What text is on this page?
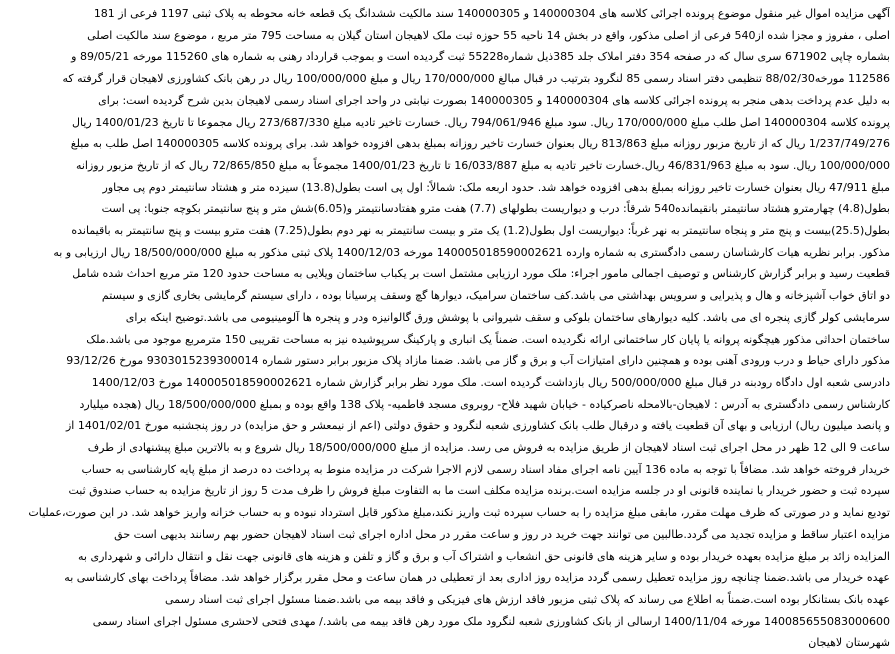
آگهی مزایده اموال غیر منقول موضوع پرونده اجرائی کلاسه های 140000304 و 140000305 سند مالکیت ششدانگ یک قطعه خانه محوطه به پلاک ثبتی 1197 فرعی از 181
اصلی ، مفروز و مجزا شده از540 فرعی از اصلی مذکور، واقع در بخش 14 ناحیه 55 حوزه ثبت ملک لاهیجان استان گیلان به مساحت 795 متر مربع ، موضوع سند مالکیت اصلی
بشماره چاپی 671902 سری سال که در صفحه 354 دفتر املاک جلد 385ذیل شماره55228 ثبت گردیده است و بموجب قرارداد رهنی به شماره های 115260 مورخه 89/05/21 و
112586 مورخه88/02/30 تنظیمی دفتر اسناد رسمی 85 لنگرود بترتیب در قبال مبالغ 170/000/000 ریال و مبلغ 100/000/000 ریال در رهن بانک کشاورزی لاهیجان قرار گرفته که
به دلیل عدم پرداخت بدهی منجر به پرونده اجرائی کلاسه های 140000304 و 140000305 بصورت نیابتی در واحد اجرای اسناد رسمی لاهیجان بدین شرح گردیده است: برای
پرونده کلاسه 140000304 اصل طلب مبلغ 170/000/000 ریال. سود مبلغ 794/061/946 ریال. خسارت تاخیر تادیه مبلغ 273/687/330 ریال مجموعا تا تاریخ 1400/01/23 ریال
1/237/749/276 ریال که از تاریخ مزبور روزانه مبلغ 813/863 ریال بعنوان خسارت تاخیر روزانه بمبلغ بدهی افزوده خواهد شد. برای پرونده کلاسه 140000305 اصل طلب به مبلغ
100/000/000 ریال. سود به مبلغ 46/831/963 ریال.خسارت تاخیر تادیه به مبلغ 16/033/887 تا تاریخ 1400/01/23 مجموعاً به مبلغ 72/865/850 ریال که از تاریخ مزبور روزانه
مبلغ 47/911 ریال بعنوان خسارت تاخیر روزانه بمبلغ بدهی افزوده خواهد شد. حدود اربعه ملک: شمالاً: اول پی است بطول(13.8) سیزده متر و هشتاد سانتیمتر دوم پی مجاور
بطول(4.8) چهارمترو هشتاد سانتیمتر بانقیمانده540 شرقاً: درب و دیواریست بطولهای (7.7) هفت مترو هفتادسانتیمتر و(6.05)شش متر و پنج سانتیمتر بکوچه جنوبا: پی است
بطول(25.5)بیست و پنج متر و پنجاه سانتیمتر به نهر غرباً: دیواریست اول بطول(1.2) یک متر و بیست سانتیمتر به نهر دوم بطول(7.25) هفت مترو بیست و پنج سانتیمتر به باقیمانده
مذکور. برابر نظریه هیات کارشناسان رسمی دادگستری به شماره وارده 140005018590002621 مورخه 1400/12/03 پلاک ثبتی مذکور به مبلغ 18/500/000/000 ریال ارزیابی و به
قطعیت رسید و برابر گزارش کارشناس و توصیف اجمالی مامور اجراء: ملک مورد ارزیابی مشتمل است بر یکباب ساختمان ویلایی به مساحت حدود 120 متر مربع احداث شده شامل
دو اتاق خواب آشپزخانه و هال و پذیرایی و سرویس بهداشتی می باشد.کف ساختمان سرامیک، دیوارها گچ وسقف پرسیانا بوده ، دارای سیستم گرمایشی بخاری گازی و سیستم
سرمایشی کولر گازی پنجره ای می باشد. کلیه دیوارهای ساختمان بلوکی و سقف شیروانی با پوشش ورق گالوانیزه ودر و پنجره ها آلومینیومی می باشد.توضیح اینکه برای
ساختمان احداثی مذکور هیچگونه پروانه یا پایان کار ساختمانی ارائه نگردیده است. ضمناً یک انباری و پارکینگ سرپوشیده نیز به مساحت تقریبی 150 مترمربع موجود می باشد.ملک
مذکور دارای حیاط و درب ورودی آهنی بوده و همچنین دارای امتیازات آب و برق و گاز می باشد. ضمنا مازاد پلاک مزبور برابر دستور شماره 9303015239300014 مورخ 93/12/26
دادرسی شعبه اول دادگاه رودبنه در قبال مبلغ 500/000/000 ریال بازداشت گردیده است. ملک مورد نظر برابر گزارش شماره 140005018590002621 مورخ 1400/12/03
کارشناس رسمی دادگستری به آدرس : لاهیجان-بالامحله ناصرکیاده - خیابان شهید فلاح- روبروی مسجد فاطمیه- پلاک 138 واقع بوده و بمبلغ 18/500/000/000 ریال (هجده میلیارد
و پانصد میلیون ریال) ارزیابی و بهای آن قطعیت یافته و درقبال طلب بانک کشاورزی شعبه لنگرود و حقوق دولتی (اعم از نیمعشر و حق مزایده) در روز پنجشنبه مورخ 1401/02/01 از
ساعت 9 الی 12 ظهر در محل اجرای ثبت اسناد لاهیجان از طریق مزایده به فروش می رسد. مزایده از مبلغ 18/500/000/000 ریال شروع و به بالاترین مبلغ پیشنهادی از طرف
خریدار فروخته خواهد شد. مضافاً با توجه به ماده 136 آیین نامه اجرای مفاد اسناد رسمی لازم الاجرا شرکت در مزایده منوط به پرداخت ده درصد از مبلغ پایه کارشناسی به حساب
سپرده ثبت و حضور خریدار یا نماینده قانونی او در جلسه مزایده است.برنده مزایده مکلف است ما به التفاوت مبلغ فروش را ظرف مدت 5 روز از تاریخ مزایده به حساب صندوق ثبت
تودیع نماید و در صورتی که ظرف مهلت مقرر، مابقی مبلغ مزایده را به حساب سپرده ثبت واریز نکند،مبلغ مذکور قابل استرداد نبوده و به حساب خزانه واریز خواهد شد. در این صورت،عملیات
مزایده اعتبار ساقط و مزایده تجدید می گردد.طالبین می توانند جهت خرید در روز و ساعت مقرر در محل اداره اجرای ثبت اسناد لاهیجان حضور بهم رسانند بدیهی است حق
المزایده زائد بر مبلغ مزایده بعهده خریدار بوده و سایر هزینه های قانونی حق انشعاب و اشتراک آب و برق و گاز و تلفن و هزینه های قانونی جهت نقل و انتقال دارائی و شهرداری به
عهده خریدار می باشد.ضمنا چنانچه روز مزایده تعطیل رسمی گردد مزایده روز اداری بعد از تعطیلی در همان ساعت و محل مقرر برگزار خواهد شد. مضافاً پرداخت بهای کارشناسی به
عهده بانک بستانکار بوده است.ضمناً به اطلاع می رساند که پلاک ثبتی مزبور فاقد ارزش های فیزیکی و فاقد بیمه می باشد.ضمنا مسئول اجرای ثبت اسناد رسمی
140085655083000600 مورخه 1400/11/04 ارسالی از بانک کشاورزی شعبه لنگرود ملک مورد رهن فاقد بیمه می باشد./ مهدی فتحی لاحشری مسئول اجرای اسناد رسمی
شهرستان لاهیجان
